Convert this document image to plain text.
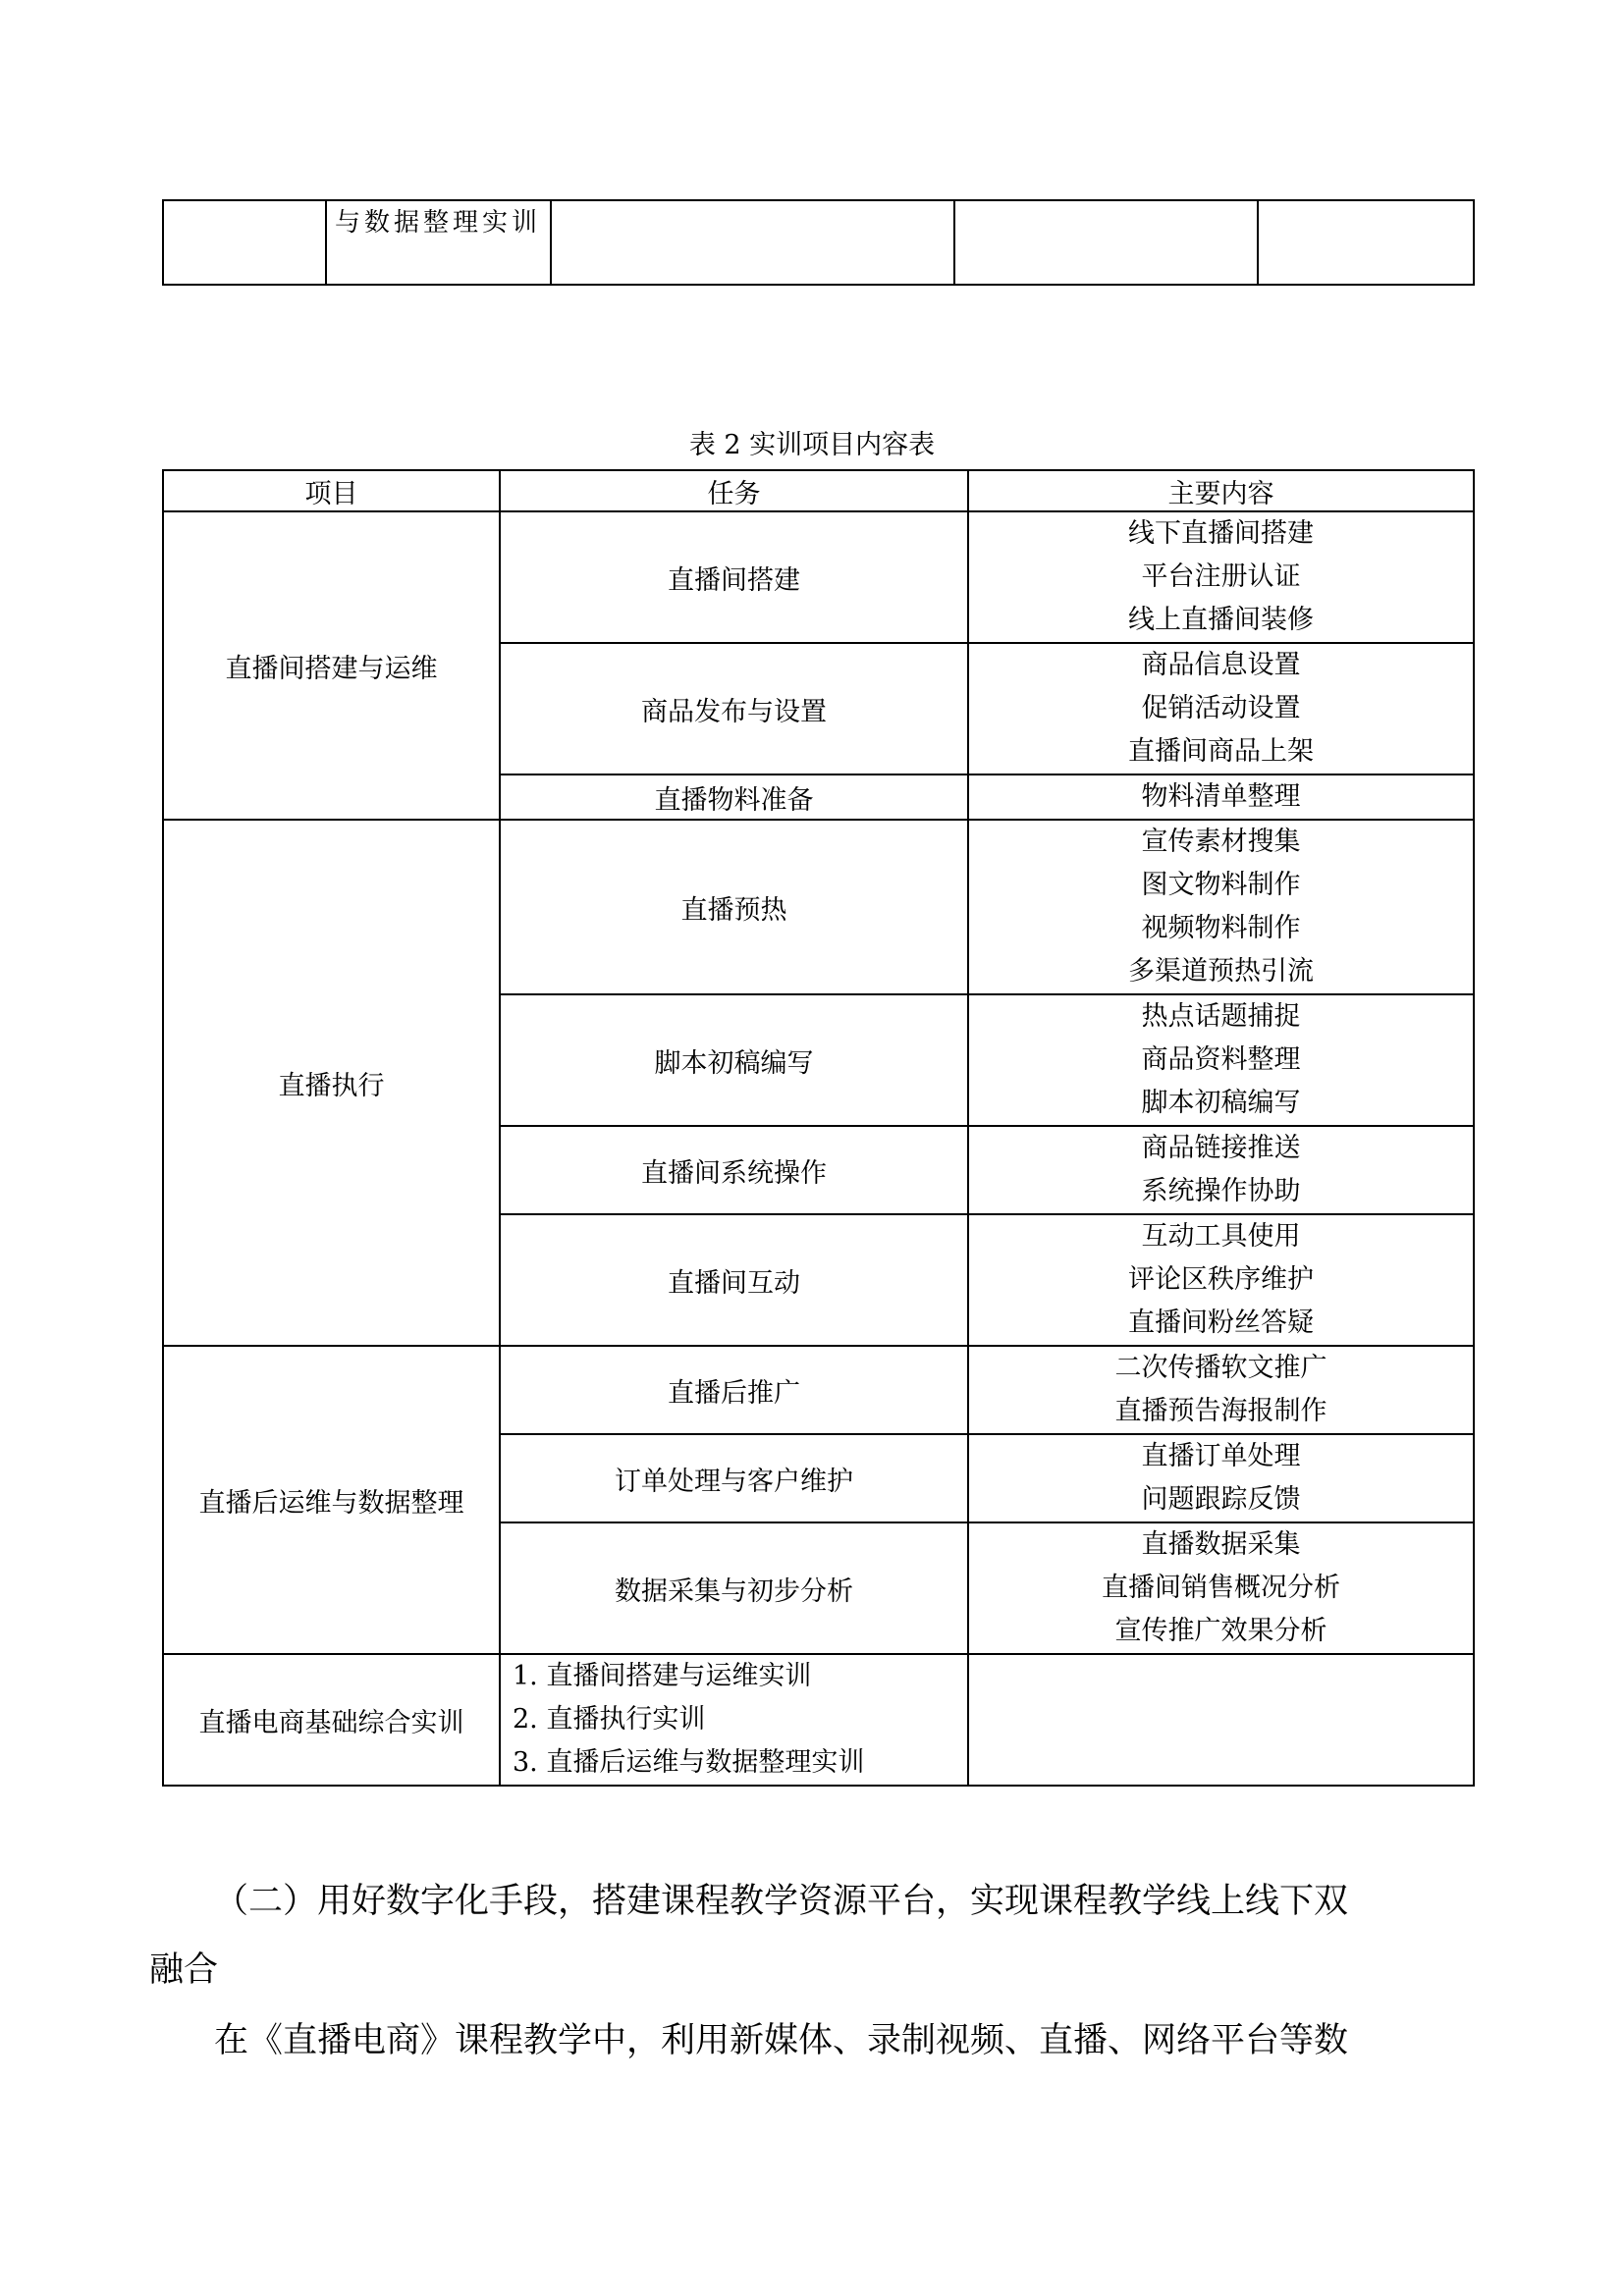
与数据整理实训

表 2 实训项目内容表
项目	任务	主要内容
直播间搭建与运维	直播间搭建	线下直播间搭建
平台注册认证
线上直播间装修

	商品发布与设置	商品信息设置
促销活动设置
直播间商品上架

	直播物料准备	物料清单整理

直播执行	直播预热	宣传素材搜集
图文物料制作
视频物料制作
多渠道预热引流

	脚本初稿编写	热点话题捕捉
商品资料整理
脚本初稿编写

	直播间系统操作	商品链接推送
系统操作协助

	直播间互动	互动工具使用
评论区秩序维护
直播间粉丝答疑

直播后运维与数据整理	直播后推广	二次传播软文推广
直播预告海报制作

	订单处理与客户维护	直播订单处理
问题跟踪反馈

	数据采集与初步分析	直播数据采集
直播间销售概况分析
宣传推广效果分析

直播电商基础综合实训	1. 直播间搭建与运维实训
2. 直播执行实训
3. 直播后运维与数据整理实训	

（二）用好数字化手段，搭建课程教学资源平台，实现课程教学线上线下双
融合
在《直播电商》课程教学中，利用新媒体、录制视频、直播、网络平台等数
